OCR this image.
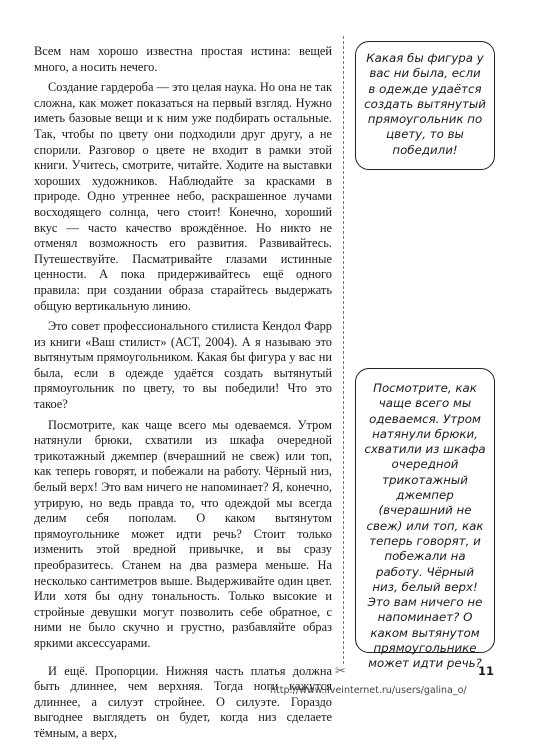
Всем нам хорошо известна простая истина: вещей много, а носить нечего.

Создание гардероба — это целая наука. Но она не так сложна, как может показаться на первый взгляд. Нужно иметь базовые вещи и к ним уже подбирать остальные. Так, чтобы по цвету они подходили друг другу, а не спорили. Разговор о цвете не входит в рамки этой книги. Учитесь, смотрите, читайте. Ходите на выставки хороших художников. Наблюдайте за красками в природе. Одно утреннее небо, раскрашенное лучами восходящего солнца, чего стоит! Конечно, хороший вкус — часто качество врождённое. Но никто не отменял возможность его развития. Развивайтесь. Путешествуйте. Пасматривайте глазами истинные ценности. А пока придерживайтесь ещё одного правила: при создании образа старайтесь выдержать общую вертикальную линию.

Это совет профессионального стилиста Кендол Фарр из книги «Ваш стилист» (АСТ, 2004). А я называю это вытянутым прямоугольником. Какая бы фигура у вас ни была, если в одежде удаётся создать вытянутый прямоугольник по цвету, то вы победили! Что это такое?

Посмотрите, как чаще всего мы одеваемся. Утром натянули брюки, схватили из шкафа очередной трикотажный джемпер (вчерашний не свеж) или топ, как теперь говорят, и побежали на работу. Чёрный низ, белый верх! Это вам ничего не напоминает? Я, конечно, утрирую, но ведь правда то, что одеждой мы всегда делим себя пополам. О каком вытянутом прямоугольнике может идти речь? Стоит только изменить этой вредной привычке, и вы сразу преобразитесь. Станем на два размера меньше. На несколько сантиметров выше. Выдерживайте один цвет. Или хотя бы одну тональность. Только высокие и стройные девушки могут позволить себе обратное, с ними не было скучно и грустно, разбавляйте образ яркими аксессуарами.

И ещё. Пропорции. Нижняя часть платья должна быть длиннее, чем верхняя. Тогда ноги кажутся длиннее, а силуэт стройнее. О силуэте. Гораздо выгоднее выглядеть он будет, когда низ сделаете тёмным, а верх,

✂
Какая бы фигура у вас ни была, если в одежде удаётся создать вытянутый прямоугольник по цвету, то вы победили!
Посмотрите, как чаще всего мы одеваемся. Утром натянули брюки, схватили из шкафа очередной трикотажный джемпер (вчерашний не свеж) или топ, как теперь говорят, и побежали на работу. Чёрный низ, белый верх! Это вам ничего не напоминает? О каком вытянутом прямоугольнике может идти речь?
11
http://www.liveinternet.ru/users/galina_o/
